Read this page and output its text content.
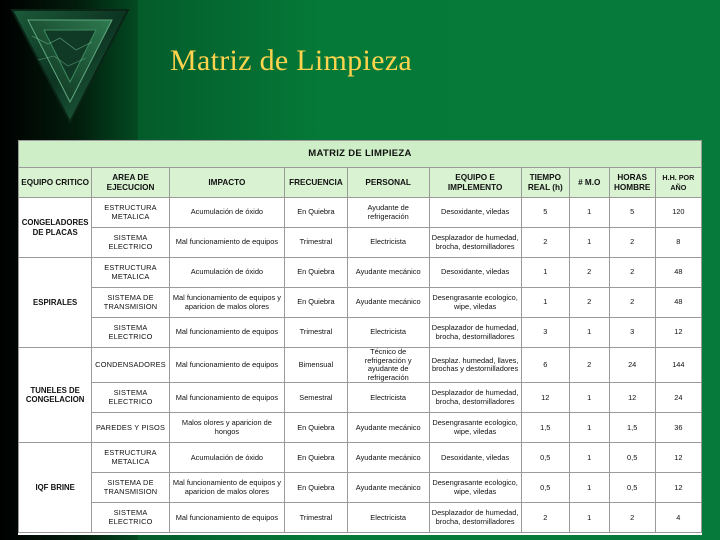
Matriz de Limpieza
MATRIZ DE LIMPIEZA									
EQUIPO CRITICO	AREA DE EJECUCION	IMPACTO	FRECUENCIA	PERSONAL	EQUIPO E IMPLEMENTO	TIEMPO REAL (h)	# M.O	HORAS HOMBRE	H.H. POR AÑO
CONGELADORES DE PLACAS	ESTRUCTURA METALICA	Acumulación de óxido	En Quiebra	Ayudante de refrigeración	Desoxidante, viledas	5	1	5	120
	SISTEMA ELECTRICO	Mal funcionamiento de equipos	Trimestral	Electricista	Desplazador de humedad, brocha, destornilladores	2	1	2	8
ESPIRALES	ESTRUCTURA METALICA	Acumulación de óxido	En Quiebra	Ayudante mecánico	Desoxidante, viledas	1	2	2	48
	SISTEMA DE TRANSMISION	Mal funcionamiento de equipos y aparicion de malos olores	En Quiebra	Ayudante mecánico	Desengrasante ecologico, wipe, viledas	1	2	2	48
	SISTEMA ELECTRICO	Mal funcionamiento de equipos	Trimestral	Electricista	Desplazador de humedad, brocha, destornilladores	3	1	3	12
TUNELES DE CONGELACION	CONDENSADORES	Mal funcionamiento de equipos	Bimensual	Técnico de refrigeración y ayudante de refrigeración	Desplaz. humedad, llaves, brochas y destornilladores	6	2	24	144
	SISTEMA ELECTRICO	Mal funcionamiento de equipos	Semestral	Electricista	Desplazador de humedad, brocha, destornilladores	12	1	12	24
	PAREDES Y PISOS	Malos olores y aparicion de hongos	En Quiebra	Ayudante mecánico	Desengrasante ecologico, wipe, viledas	1,5	1	1,5	36
IQF BRINE	ESTRUCTURA METALICA	Acumulación de óxido	En Quiebra	Ayudante mecánico	Desoxidante, viledas	0,5	1	0,5	12
	SISTEMA DE TRANSMISION	Mal funcionamiento de equipos y aparicion de malos olores	En Quiebra	Ayudante mecánico	Desengrasante ecologico, wipe, viledas	0,5	1	0,5	12
	SISTEMA ELECTRICO	Mal funcionamiento de equipos	Trimestral	Electricista	Desplazador de humedad, brocha, destornilladores	2	1	2	4
